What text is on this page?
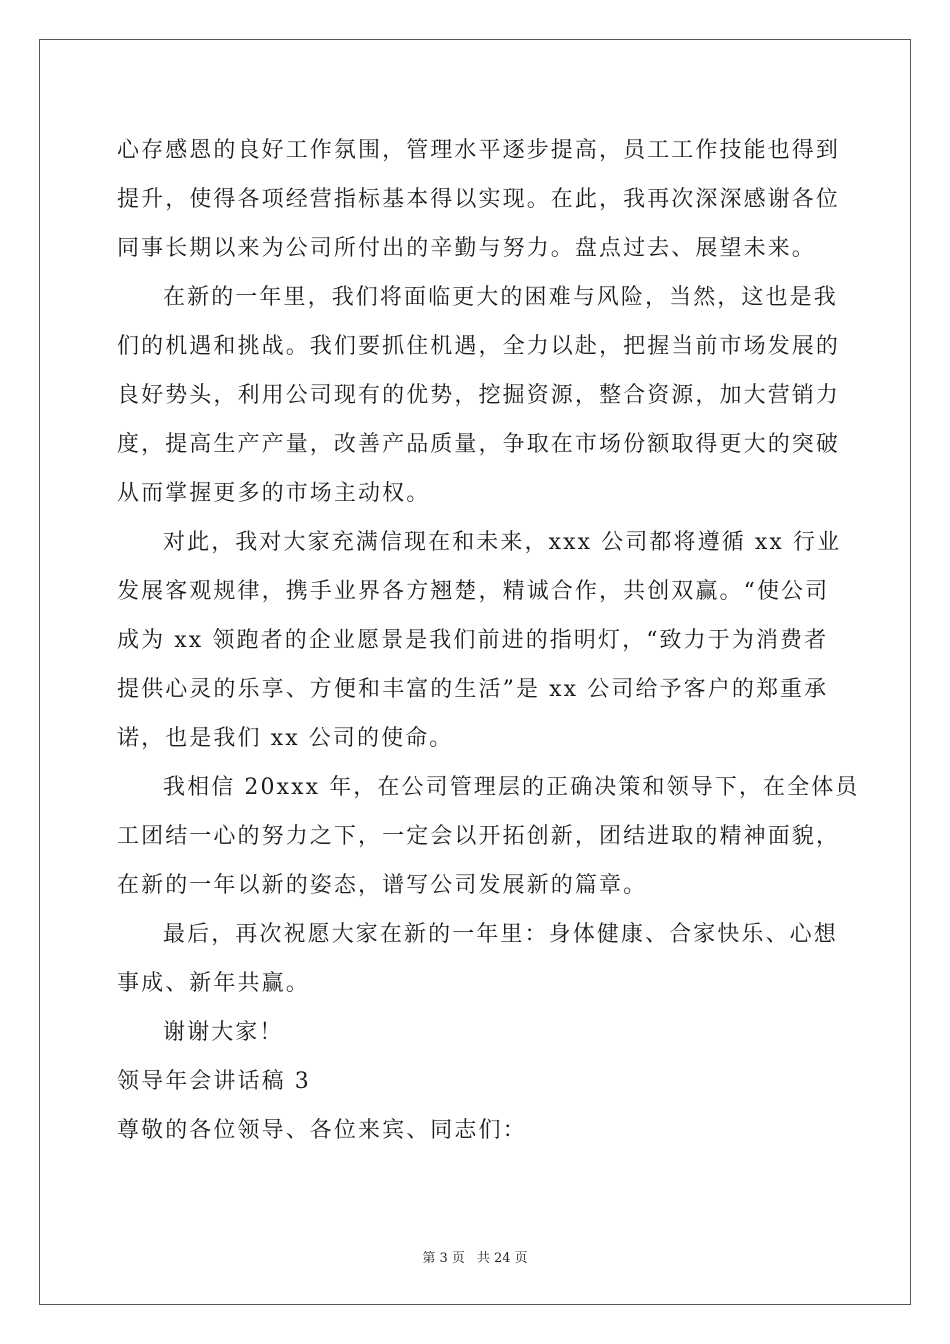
心存感恩的良好工作氛围，管理水平逐步提高，员工工作技能也得到
提升，使得各项经营指标基本得以实现。在此，我再次深深感谢各位
同事长期以来为公司所付出的辛勤与努力。盘点过去、展望未来。
在新的一年里，我们将面临更大的困难与风险，当然，这也是我
们的机遇和挑战。我们要抓住机遇，全力以赴，把握当前市场发展的
良好势头，利用公司现有的优势，挖掘资源，整合资源，加大营销力
度，提高生产产量，改善产品质量，争取在市场份额取得更大的突破
从而掌握更多的市场主动权。
对此，我对大家充满信现在和未来，xxx 公司都将遵循 xx 行业
发展客观规律，携手业界各方翘楚，精诚合作，共创双赢。“使公司
成为 xx 领跑者的企业愿景是我们前进的指明灯，“致力于为消费者
提供心灵的乐享、方便和丰富的生活”是 xx 公司给予客户的郑重承
诺，也是我们 xx 公司的使命。
我相信 20xxx 年，在公司管理层的正确决策和领导下，在全体员
工团结一心的努力之下，一定会以开拓创新，团结进取的精神面貌，
在新的一年以新的姿态，谱写公司发展新的篇章。
最后，再次祝愿大家在新的一年里：身体健康、合家快乐、心想
事成、新年共赢。
谢谢大家！
领导年会讲话稿 3
尊敬的各位领导、各位来宾、同志们：
第 3 页 共 24 页
